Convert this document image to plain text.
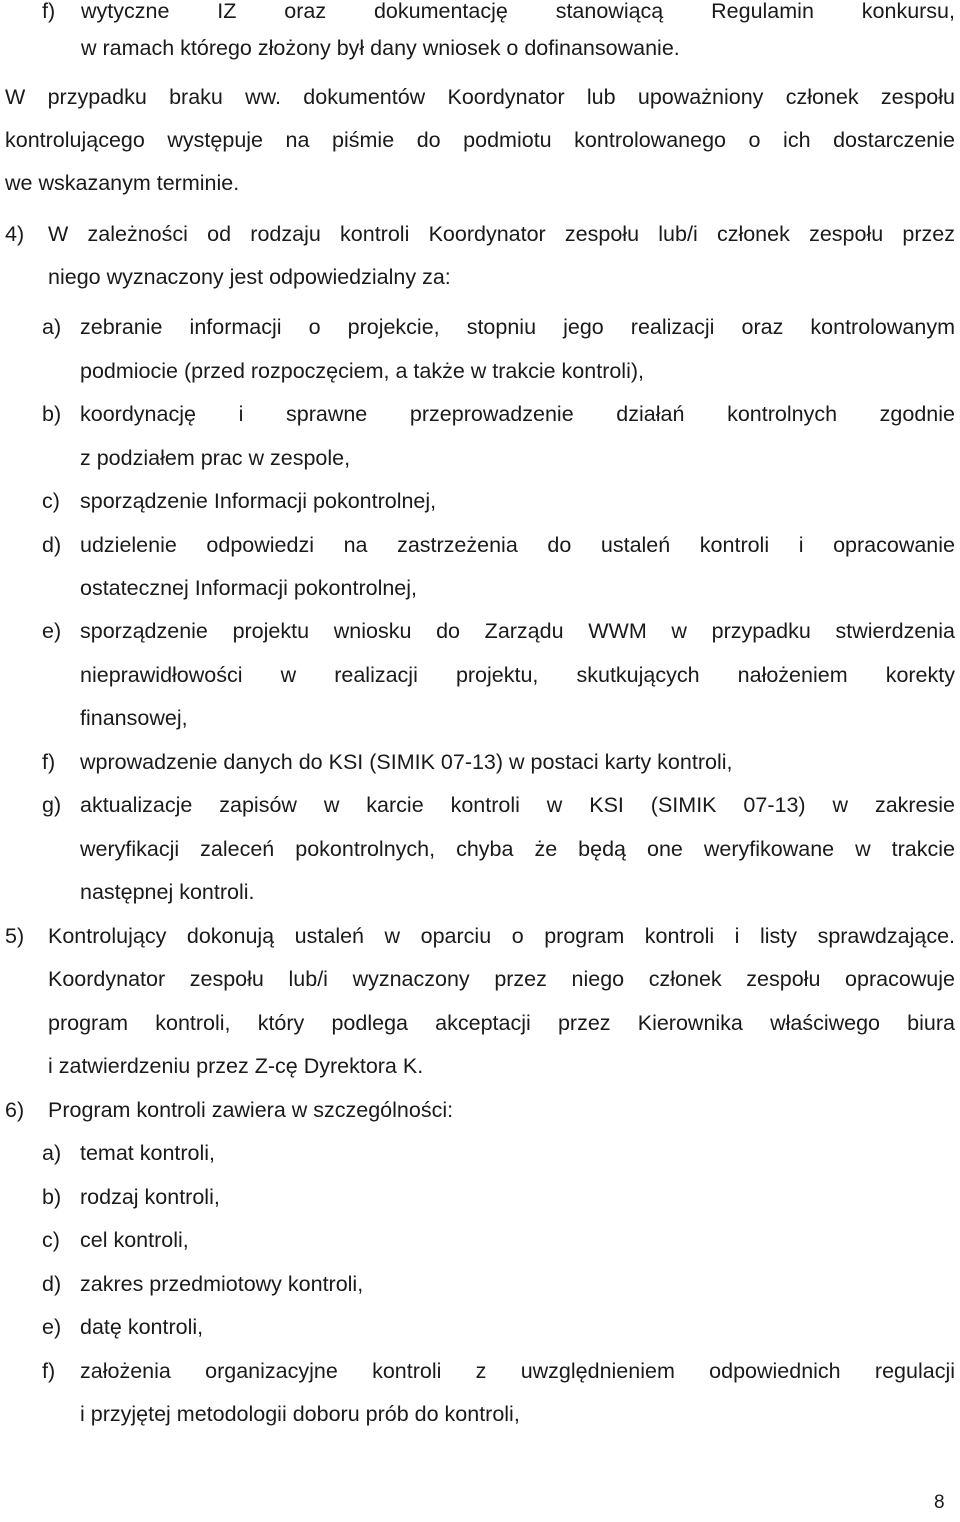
f) wytyczne IZ oraz dokumentację stanowiącą Regulamin konkursu,
w ramach którego złożony był dany wniosek o dofinansowanie.
W przypadku braku ww. dokumentów Koordynator lub upoważniony członek zespołu
kontrolującego występuje na piśmie do podmiotu kontrolowanego o ich dostarczenie
we wskazanym terminie.
4) W zależności od rodzaju kontroli Koordynator zespołu lub/i członek zespołu przez
niego wyznaczony jest odpowiedzialny za:
a) zebranie informacji o projekcie, stopniu jego realizacji oraz kontrolowanym
podmiocie (przed rozpoczęciem, a także w trakcie kontroli),
b) koordynację i sprawne przeprowadzenie działań kontrolnych zgodnie
z podziałem prac w zespole,
c) sporządzenie Informacji pokontrolnej,
d) udzielenie odpowiedzi na zastrzeżenia do ustaleń kontroli i opracowanie
ostatecznej Informacji pokontrolnej,
e) sporządzenie projektu wniosku do Zarządu WWM w przypadku stwierdzenia
nieprawidłowości w realizacji projektu, skutkujących nałożeniem korekty
finansowej,
f) wprowadzenie danych do KSI (SIMIK 07-13) w postaci karty kontroli,
g) aktualizacje zapisów w karcie kontroli w KSI (SIMIK 07-13) w zakresie
weryfikacji zaleceń pokontrolnych, chyba że będą one weryfikowane w trakcie
następnej kontroli.
5) Kontrolujący dokonują ustaleń w oparciu o program kontroli i listy sprawdzające.
Koordynator zespołu lub/i wyznaczony przez niego członek zespołu opracowuje
program kontroli, który podlega akceptacji przez Kierownika właściwego biura
i zatwierdzeniu przez Z-cę Dyrektora K.
6) Program kontroli zawiera w szczególności:
a) temat kontroli,
b) rodzaj kontroli,
c) cel kontroli,
d) zakres przedmiotowy kontroli,
e) datę kontroli,
f) założenia organizacyjne kontroli z uwzględnieniem odpowiednich regulacji
i przyjętej metodologii doboru prób do kontroli,
8
